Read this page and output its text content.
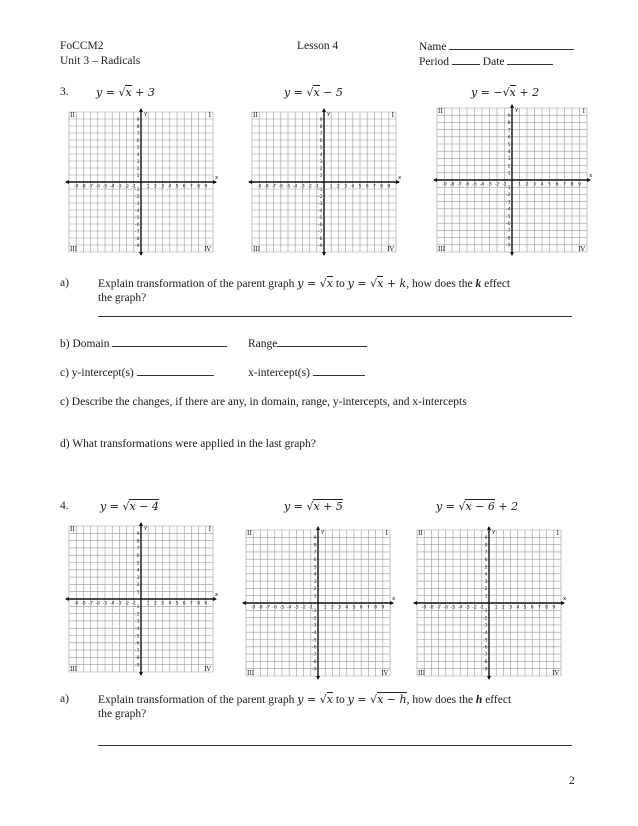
FoCCM2
Unit 3 – Radicals
Lesson 4	Name
Period	Date
3. y = √x + 3	y = √x − 5	y = −√x + 2
x
y
-9 -8 -7 -6 -5 -4 -3 -2 -1 1 2 3 4 5 6 7 8 9
9
8
7
6
5
4
3
2
1
-1
-2
-3
-4
-5
-6
-7
-8
-9
I
II
III	IV
x
y
-9 -8 -7 -6 -5 -4 -3 -2 -1 1 2 3 4 5 6 7 8 9
9
8
7
6
5
4
3
2
1
-1
-2
-3
-4
-5
-6
-7
-8
-9
I
II
III	IV
x
y
-9 -8 -7 -6 -5 -4 -3 -2 -1 1 2 3 4 5 6 7 8 9
9
8
7
6
5
4
3
2
1
-1
-2
-3
-4
-5
-6
-7
-8
-9
I
II
III	IV
a)	Explain transformation of the parent graph y = √x to y = √x + k, how does the k effect
the graph?
b) Domain	Range
c) y-intercept(s)	x-intercept(s)
c) Describe the changes, if there are any, in domain, range, y-intercepts, and x-intercepts
d) What transformations were applied in the last graph?
4.	y = √x − 4	y = √x + 5	y = √x − 6 + 2
x
y
-9 -8 -7 -6 -5 -4 -3 -2 -1 1 2 3 4 5 6 7 8 9
9
8
7
6
5
4
3
2
1
-1
-2
-3
-4
-5
-6
-7
-8
-9
I
II
III	IV
x
y
-9 -8 -7 -6 -5 -4 -3 -2 -1 1 2 3 4 5 6 7 8 9
9
8
7
6
5
4
3
2
1
-1
-2
-3
-4
-5
-6
-7
-8
-9
I
II
III	IV
x
y
-9 -8 -7 -6 -5 -4 -3 -2 -1 1 2 3 4 5 6 7 8 9
9
8
7
6
5
4
3
2
1
-1
-2
-3
-4
-5
-6
-7
-8
-9
I
II
III	IV
a)	Explain transformation of the parent graph y = √x to y = √x − h, how does the h effect
the graph?
2
